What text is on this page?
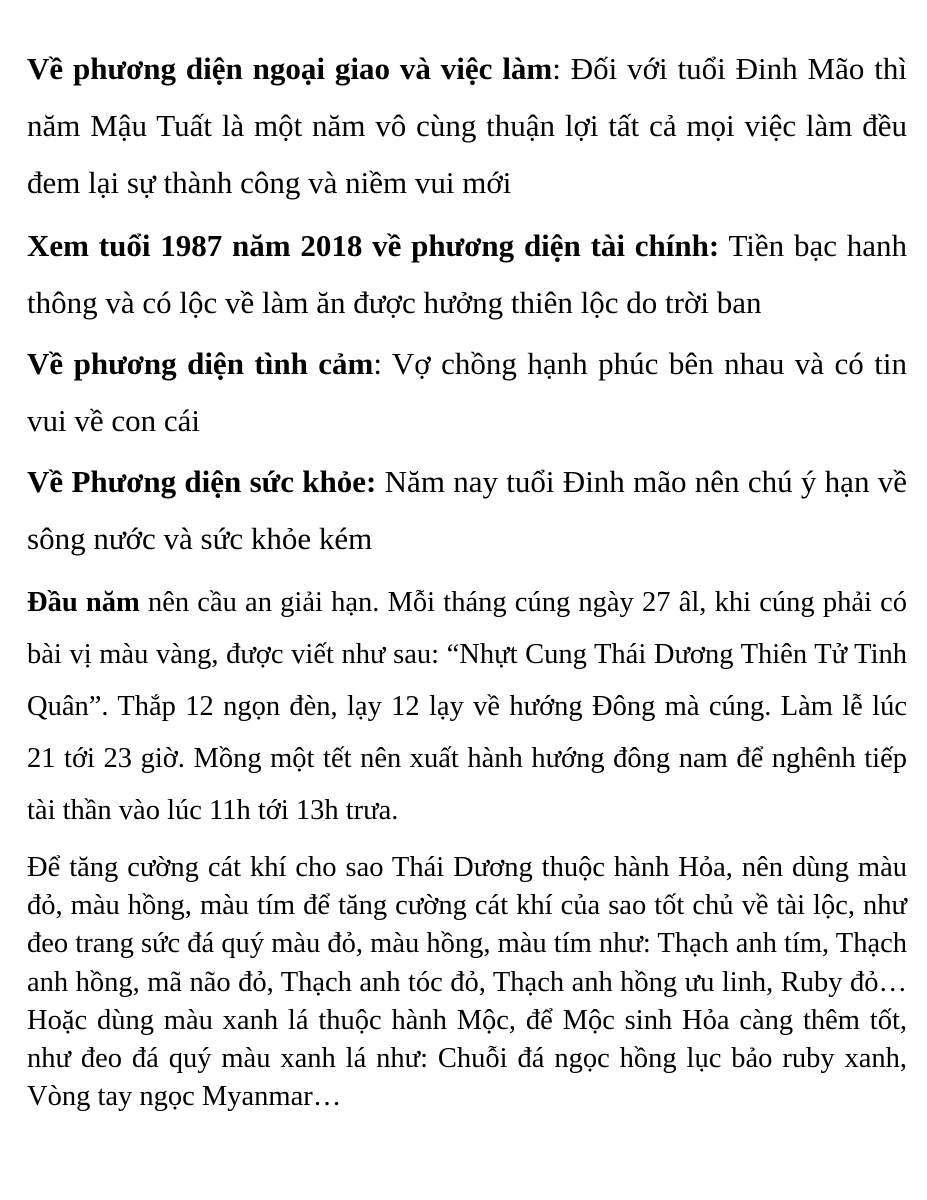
Về phương diện ngoại giao và việc làm: Đối với tuổi Đinh Mão thì năm Mậu Tuất là một năm vô cùng thuận lợi tất cả mọi việc làm đều đem lại sự thành công và niềm vui mới

Xem tuổi 1987 năm 2018 về phương diện tài chính: Tiền bạc hanh thông và có lộc về làm ăn được hưởng thiên lộc do trời ban

Về phương diện tình cảm: Vợ chồng hạnh phúc bên nhau và có tin vui về con cái

Về Phương diện sức khỏe: Năm nay tuổi Đinh mão nên chú ý hạn về sông nước và sức khỏe kém

Đầu năm nên cầu an giải hạn. Mỗi tháng cúng ngày 27 âl, khi cúng phải có bài vị màu vàng, được viết như sau: “Nhựt Cung Thái Dương Thiên Tử Tinh Quân”. Thắp 12 ngọn đèn, lạy 12 lạy về hướng Đông mà cúng. Làm lễ lúc 21 tới 23 giờ. Mồng một tết nên xuất hành hướng đông nam để nghênh tiếp tài thần vào lúc 11h tới 13h trưa.

Để tăng cường cát khí cho sao Thái Dương thuộc hành Hỏa, nên dùng màu đỏ, màu hồng, màu tím để tăng cường cát khí của sao tốt chủ về tài lộc, như đeo trang sức đá quý màu đỏ, màu hồng, màu tím như: Thạch anh tím, Thạch anh hồng, mã não đỏ, Thạch anh tóc đỏ, Thạch anh hồng ưu linh, Ruby đỏ…Hoặc dùng màu xanh lá thuộc hành Mộc, để Mộc sinh Hỏa càng thêm tốt, như đeo đá quý màu xanh lá như: Chuỗi đá ngọc hồng lục bảo ruby xanh, Vòng tay ngọc Myanmar…
